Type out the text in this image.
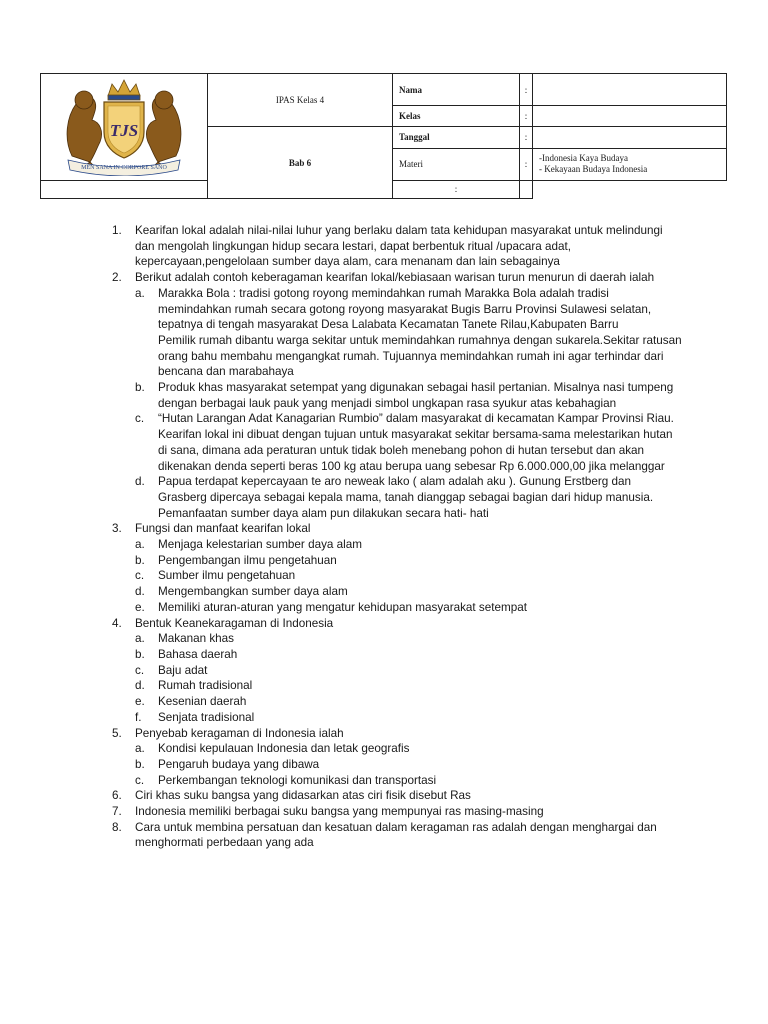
TJS
MEN SANA IN CORPORE SANO	IPAS Kelas 4	Nama	:	
		Kelas	:	
	Bab 6	Tanggal	:	
		Materi	:	-Indonesia Kaya Budaya
- Kekayaan Budaya Indonesia

		:		
1. Kearifan lokal adalah nilai-nilai luhur yang berlaku dalam tata kehidupan masyarakat untuk melindungi dan mengolah lingkungan hidup secara lestari, dapat berbentuk ritual /upacara adat, kepercayaan,pengelolaan sumber daya alam, cara menanam dan lain sebagainya
2. Berikut adalah contoh keberagaman kearifan lokal/kebiasaan warisan turun menurun di daerah ialah
a. Marakka Bola : tradisi gotong royong memindahkan rumah Marakka Bola adalah tradisi memindahkan rumah secara gotong royong masyarakat Bugis Barru Provinsi Sulawesi selatan, tepatnya di tengah masyarakat Desa Lalabata Kecamatan Tanete Rilau,Kabupaten Barru
Pemilik rumah dibantu warga sekitar untuk memindahkan rumahnya dengan sukarela.Sekitar ratusan orang bahu membahu mengangkat rumah. Tujuannya memindahkan rumah ini agar terhindar dari bencana dan marabahaya
b. Produk khas masyarakat setempat yang digunakan sebagai hasil pertanian. Misalnya nasi tumpeng dengan berbagai lauk pauk yang menjadi simbol ungkapan rasa syukur atas kebahagian
c. “Hutan Larangan Adat Kanagarian Rumbio” dalam masyarakat di kecamatan Kampar Provinsi Riau. Kearifan lokal ini dibuat dengan tujuan untuk masyarakat sekitar bersama-sama melestarikan hutan di sana, dimana ada peraturan untuk tidak boleh menebang pohon di hutan tersebut dan akan dikenakan denda seperti beras 100 kg atau berupa uang sebesar Rp 6.000.000,00 jika melanggar
d. Papua terdapat kepercayaan te aro neweak lako ( alam adalah aku ). Gunung Erstberg dan Grasberg dipercaya sebagai kepala mama, tanah dianggap sebagai bagian dari hidup manusia. Pemanfaatan sumber daya alam pun dilakukan secara hati- hati
3. Fungsi dan manfaat kearifan lokal
a. Menjaga kelestarian sumber daya alam
b. Pengembangan ilmu pengetahuan
c. Sumber ilmu pengetahuan
d. Mengembangkan sumber daya alam
e. Memiliki aturan-aturan yang mengatur kehidupan masyarakat setempat
4. Bentuk Keanekaragaman di Indonesia
a. Makanan khas
b. Bahasa daerah
c. Baju adat
d. Rumah tradisional
e. Kesenian daerah
f. Senjata tradisional
5. Penyebab keragaman di Indonesia ialah
a. Kondisi kepulauan Indonesia dan letak geografis
b. Pengaruh budaya yang dibawa
c. Perkembangan teknologi komunikasi dan transportasi
6. Ciri khas suku bangsa yang didasarkan atas ciri fisik disebut Ras
7. Indonesia memiliki berbagai suku bangsa yang mempunyai ras masing-masing
8. Cara untuk membina persatuan dan kesatuan dalam keragaman ras adalah dengan menghargai dan menghormati perbedaan yang ada
